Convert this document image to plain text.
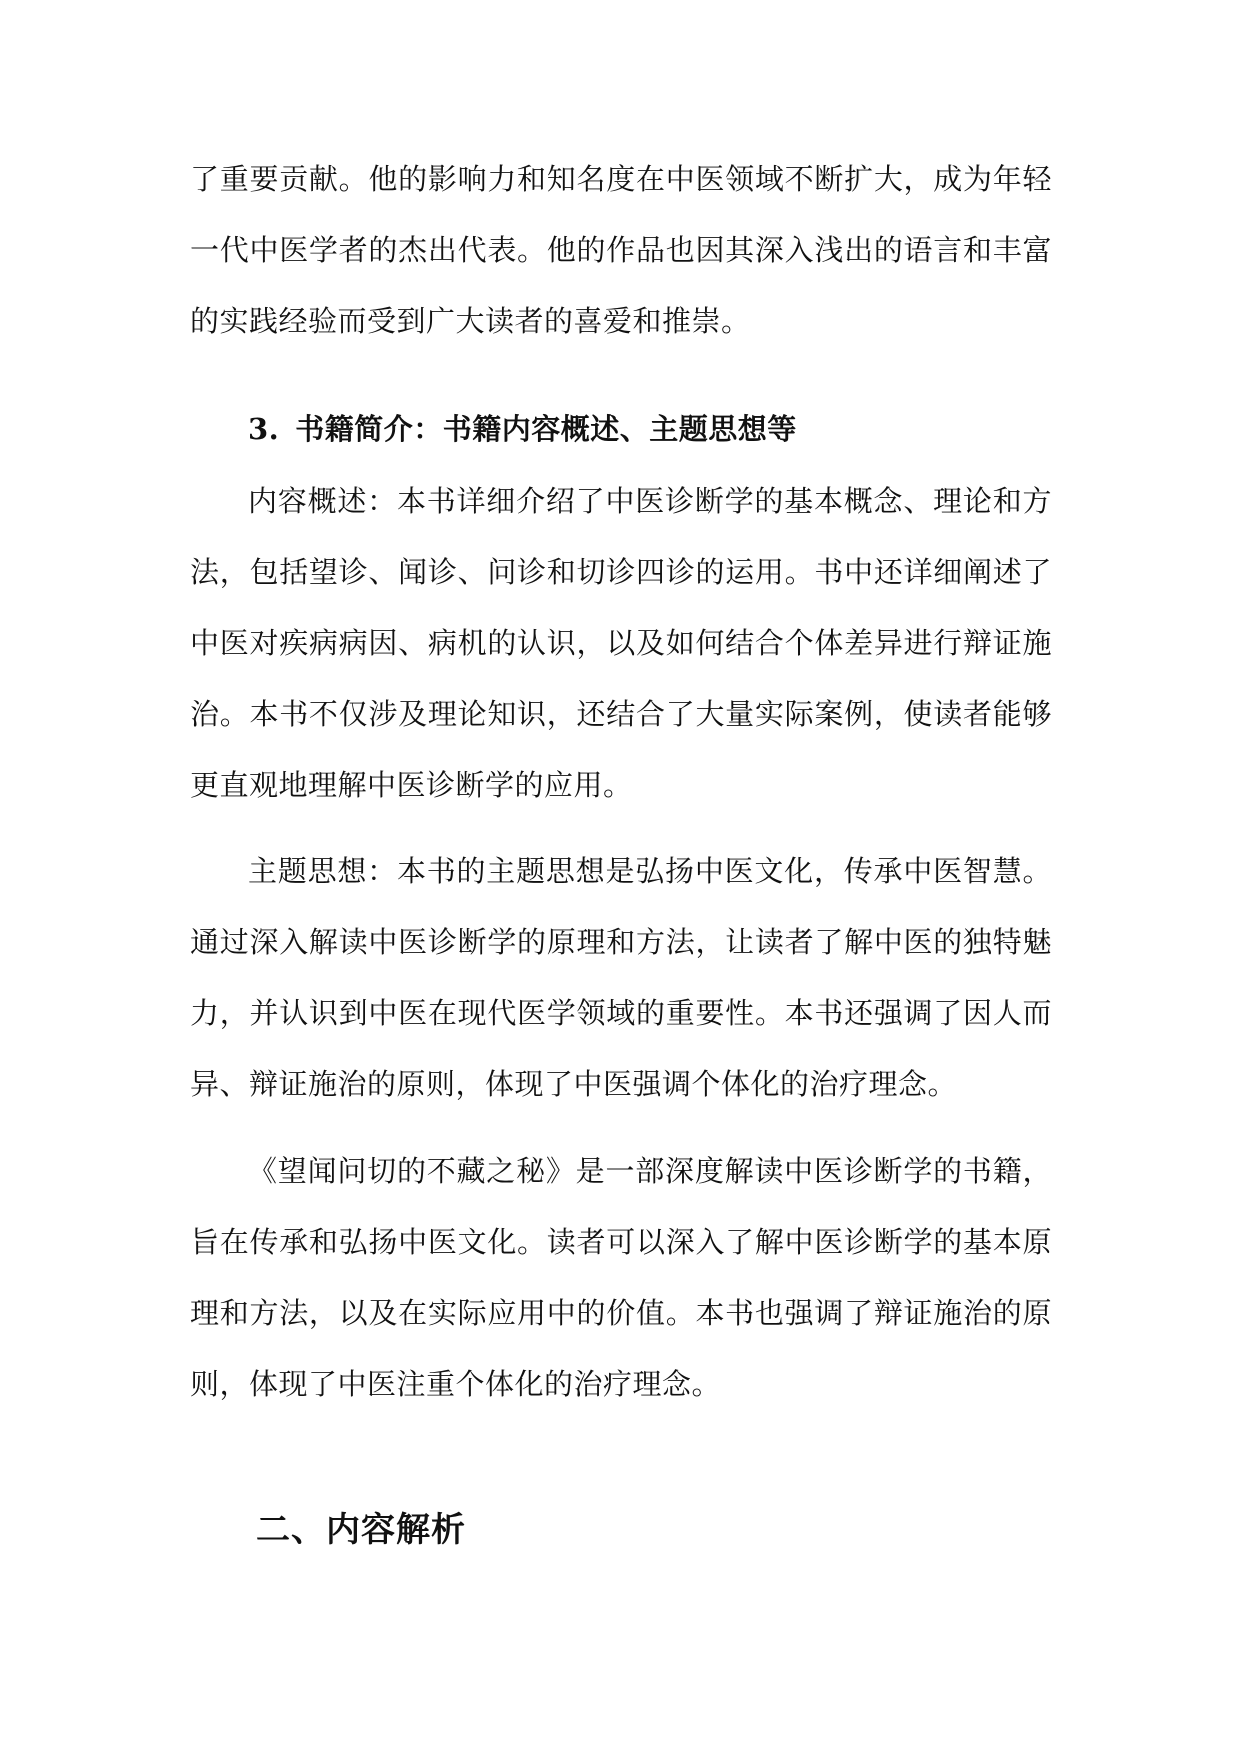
了重要贡献。他的影响力和知名度在中医领域不断扩大，成为年轻一代中医学者的杰出代表。他的作品也因其深入浅出的语言和丰富的实践经验而受到广大读者的喜爱和推崇。

3. 书籍简介：书籍内容概述、主题思想等

内容概述：本书详细介绍了中医诊断学的基本概念、理论和方法，包括望诊、闻诊、问诊和切诊四诊的运用。书中还详细阐述了中医对疾病病因、病机的认识，以及如何结合个体差异进行辩证施治。本书不仅涉及理论知识，还结合了大量实际案例，使读者能够更直观地理解中医诊断学的应用。

主题思想：本书的主题思想是弘扬中医文化，传承中医智慧。通过深入解读中医诊断学的原理和方法，让读者了解中医的独特魅力，并认识到中医在现代医学领域的重要性。本书还强调了因人而异、辩证施治的原则，体现了中医强调个体化的治疗理念。

《望闻问切的不藏之秘》是一部深度解读中医诊断学的书籍，旨在传承和弘扬中医文化。读者可以深入了解中医诊断学的基本原理和方法，以及在实际应用中的价值。本书也强调了辩证施治的原则，体现了中医注重个体化的治疗理念。

二、内容解析
